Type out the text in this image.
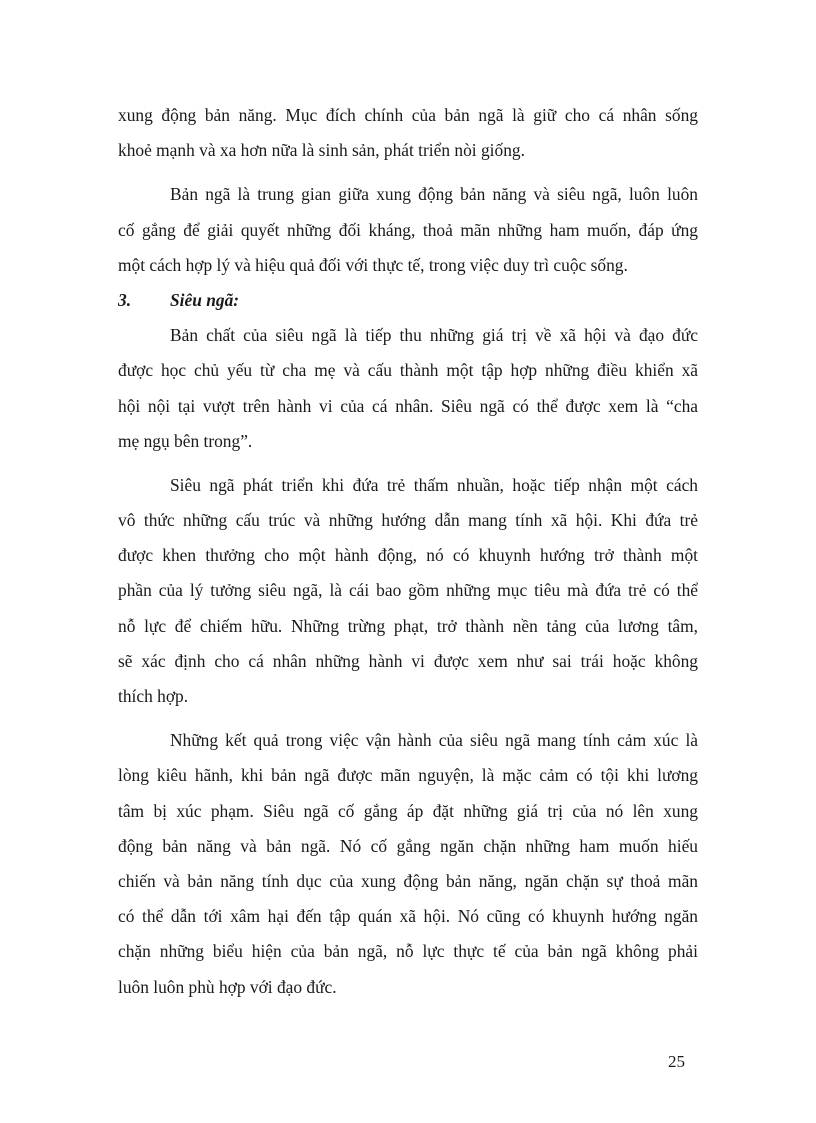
xung động bản năng. Mục đích chính của bản ngã là giữ cho cá nhân sống
khoẻ mạnh và xa hơn nữa là sinh sản, phát triển nòi giống.
Bản ngã là trung gian giữa xung động bản năng và siêu ngã, luôn luôn
cố gắng để giải quyết những đối kháng, thoả mãn những ham muốn, đáp ứng
một cách hợp lý và hiệu quả đối với thực tế, trong việc duy trì cuộc sống.
3. Siêu ngã:
Bản chất của siêu ngã là tiếp thu những giá trị về xã hội và đạo đức
được học chủ yếu từ cha mẹ và cấu thành một tập hợp những điều khiển xã
hội nội tại vượt trên hành vi của cá nhân. Siêu ngã có thể được xem là “cha
mẹ ngụ bên trong”.
Siêu ngã phát triển khi đứa trẻ thấm nhuần, hoặc tiếp nhận một cách
vô thức những cấu trúc và những hướng dẫn mang tính xã hội. Khi đứa trẻ
được khen thưởng cho một hành động, nó có khuynh hướng trở thành một
phần của lý tưởng siêu ngã, là cái bao gồm những mục tiêu mà đứa trẻ có thể
nỗ lực để chiếm hữu. Những trừng phạt, trở thành nền tảng của lương tâm,
sẽ xác định cho cá nhân những hành vi được xem như sai trái hoặc không
thích hợp.
Những kết quả trong việc vận hành của siêu ngã mang tính cảm xúc là
lòng kiêu hãnh, khi bản ngã được mãn nguyện, là mặc cảm có tội khi lương
tâm bị xúc phạm. Siêu ngã cố gắng áp đặt những giá trị của nó lên xung
động bản năng và bản ngã. Nó cố gắng ngăn chặn những ham muốn hiếu
chiến và bản năng tính dục của xung động bản năng, ngăn chặn sự thoả mãn
có thể dẫn tới xâm hại đến tập quán xã hội. Nó cũng có khuynh hướng ngăn
chặn những biểu hiện của bản ngã, nỗ lực thực tế của bản ngã không phải
luôn luôn phù hợp với đạo đức.
25
